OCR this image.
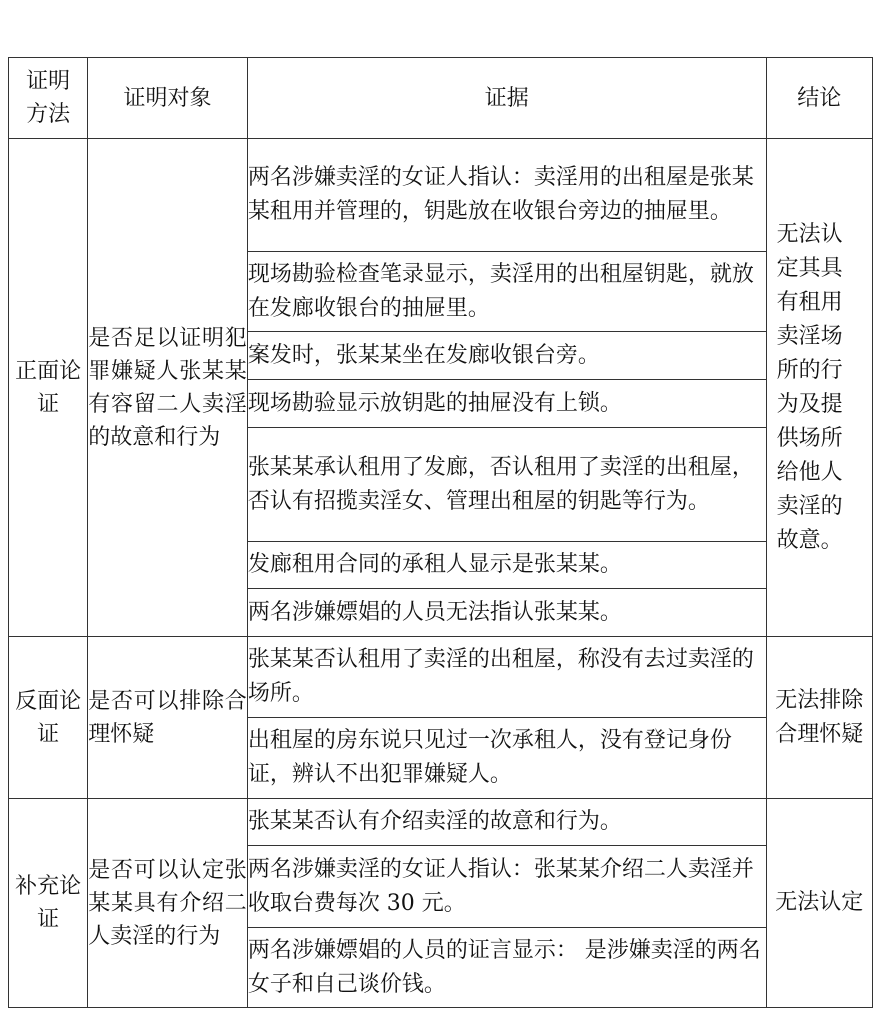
证明方法	证明对象	证据	结论
正面论证	是否足以证明犯罪嫌疑人张某某有容留二人卖淫的故意和行为	两名涉嫌卖淫的女证人指认：卖淫用的出租屋是张某某租用并管理的，钥匙放在收银台旁边的抽屉里。	无法认定其具有租用卖淫场所的行为及提供场所给他人卖淫的故意。
		现场勘验检查笔录显示，卖淫用的出租屋钥匙，就放在发廊收银台的抽屉里。	
		案发时，张某某坐在发廊收银台旁。	
		现场勘验显示放钥匙的抽屉没有上锁。	
		张某某承认租用了发廊，否认租用了卖淫的出租屋，否认有招揽卖淫女、管理出租屋的钥匙等行为。	
		发廊租用合同的承租人显示是张某某。	
		两名涉嫌嫖娼的人员无法指认张某某。	
反面论证	是否可以排除合理怀疑	张某某否认租用了卖淫的出租屋，称没有去过卖淫的场所。	无法排除合理怀疑
		出租屋的房东说只见过一次承租人，没有登记身份证，辨认不出犯罪嫌疑人。	
补充论证	是否可以认定张某某具有介绍二人卖淫的行为	张某某否认有介绍卖淫的故意和行为。	无法认定
		两名涉嫌卖淫的女证人指认：张某某介绍二人卖淫并收取台费每次 30 元。	
		两名涉嫌嫖娼的人员的证言显示： 是涉嫌卖淫的两名女子和自己谈价钱。	
